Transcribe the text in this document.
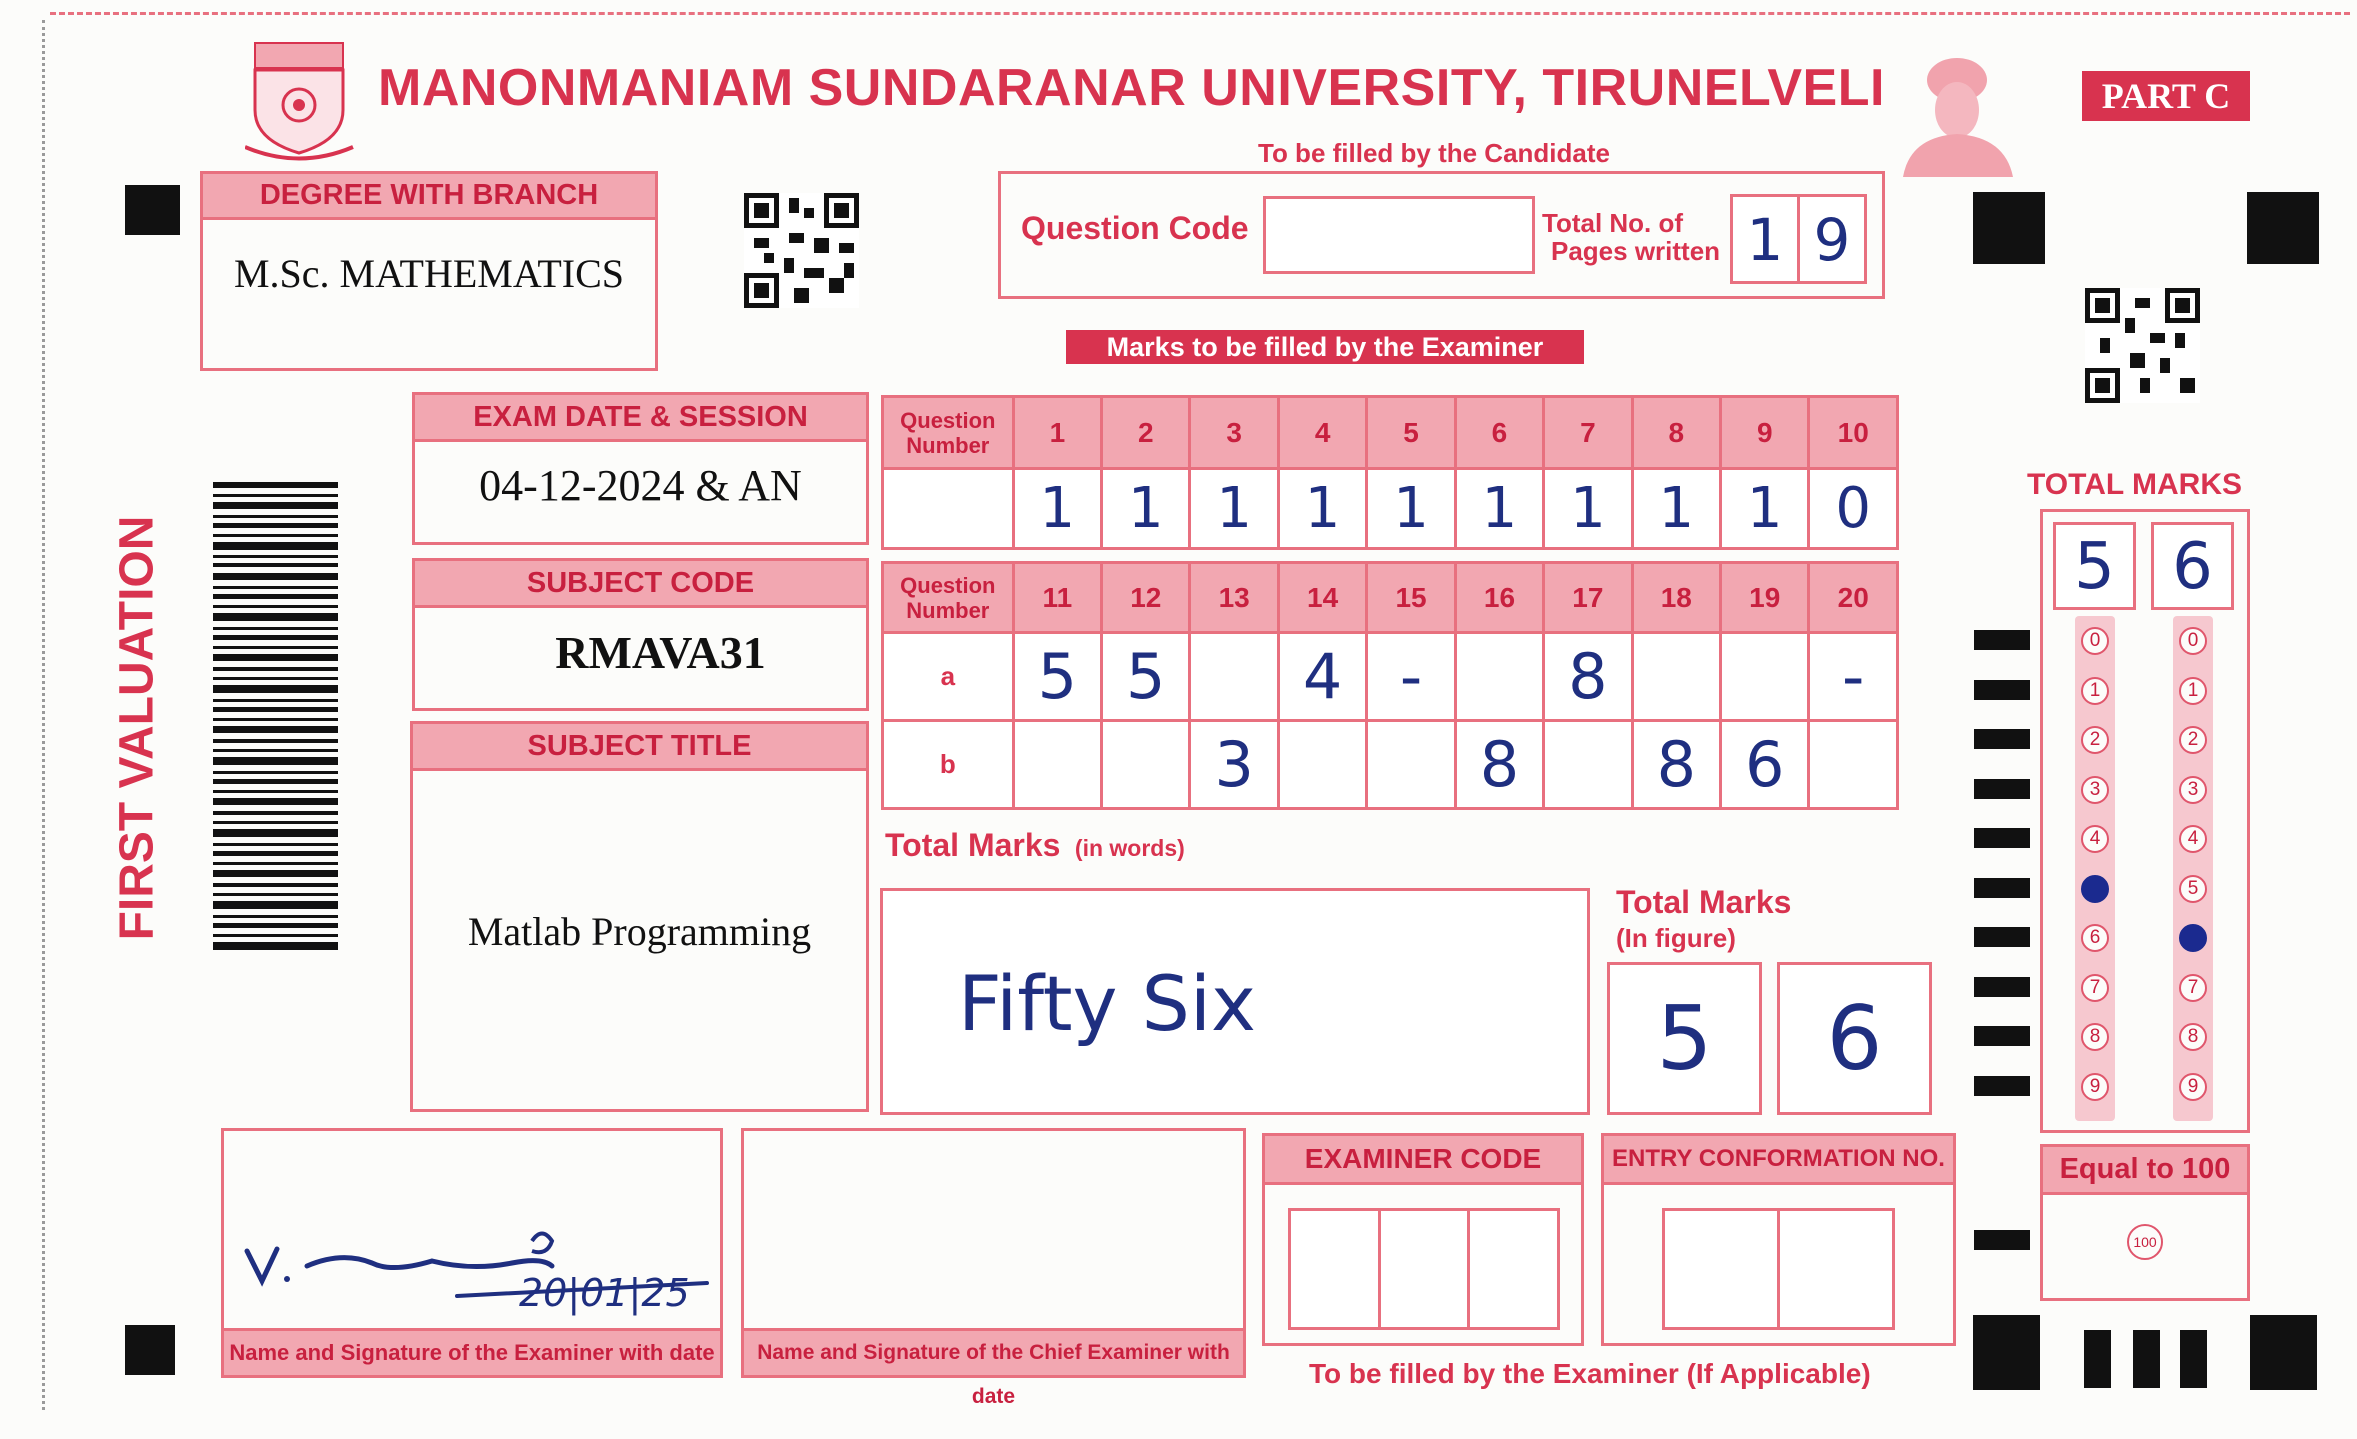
MANONMANIAM SUNDARANAR UNIVERSITY, TIRUNELVELI	PART C
DEGREE WITH BRANCH
M.Sc. MATHEMATICS
To be filled by the Candidate
Question Code	Total No. of
Pages written 1 9
Marks to be filled by the Examiner
FIRST VALUATION
EXAM DATE & SESSION
04-12-2024 & AN
SUBJECT CODE
RMAVA31
SUBJECT TITLE
Matlab Programming
Question Number	1	2	3	4	5	6	7	8	9	10
	1	1	1	1	1	1	1	1	1	0
Question Number	11	12	13	14	15	16	17	18	19	20
a	5	5		4	-		8			-
b			3			8		8	6	
Total Marks (in words)
Fifty Six
Total Marks
(In figure)
5	6
TOTAL MARKS
5 6
0
1
2
3
4
6
7
8
9
0
1
2
3
4
5
7
8
9
Equal to 100
100
20|01|25
Name and Signature of the Examiner with date	Name and Signature of the Chief Examiner with date
EXAMINER CODE	ENTRY CONFORMATION NO.
To be filled by the Examiner (If Applicable)
